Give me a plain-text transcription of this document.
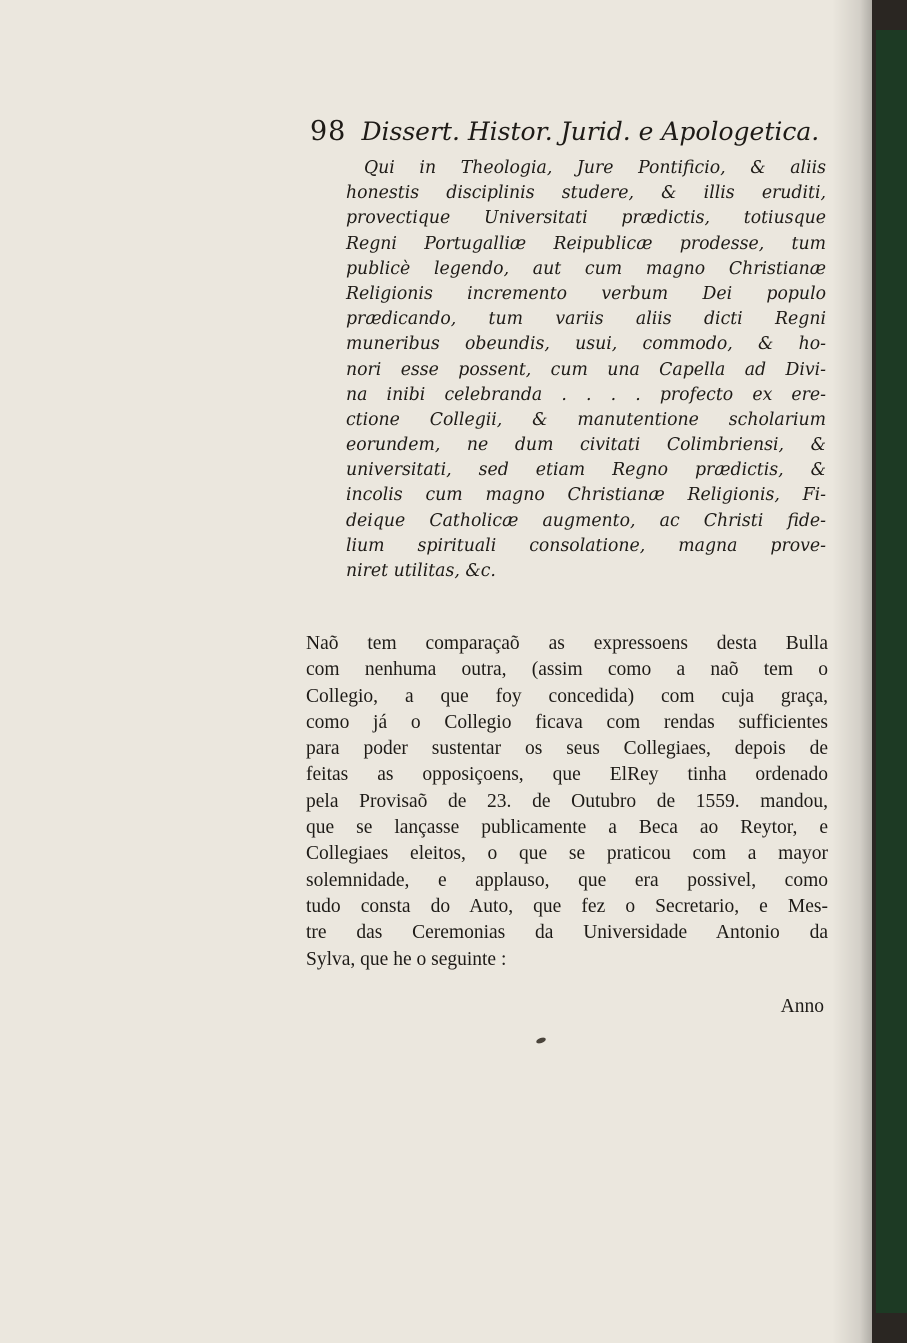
98 Dissert. Histor. Jurid. e Apologetica.
Qui in Theologia, Jure Pontificio, & aliis
honestis disciplinis studere, & illis eruditi,
provectique Universitati prædictis, totiusque
Regni Portugalliæ Reipublicæ prodesse, tum
publicè legendo, aut cum magno Christianæ
Religionis incremento verbum Dei populo
prædicando, tum variis aliis dicti Regni
muneribus obeundis, usui, commodo, & ho-
nori esse possent, cum una Capella ad Divi-
na inibi celebranda . . . . profecto ex ere-
ctione Collegii, & manutentione scholarium
eorundem, ne dum civitati Colimbriensi, &
universitati, sed etiam Regno prædictis, &
incolis cum magno Christianæ Religionis, Fi-
deique Catholicæ augmento, ac Christi fide-
lium spirituali consolatione, magna prove-
niret utilitas, &c.
Naõ tem comparaçaõ as expressoens desta Bulla
com nenhuma outra, (assim como a naõ tem o
Collegio, a que foy concedida) com cuja graça,
como já o Collegio ficava com rendas sufficientes
para poder sustentar os seus Collegiaes, depois de
feitas as opposiçoens, que ElRey tinha ordenado
pela Provisaõ de 23. de Outubro de 1559. mandou,
que se lançasse publicamente a Beca ao Reytor, e
Collegiaes eleitos, o que se praticou com a mayor
solemnidade, e applauso, que era possivel, como
tudo consta do Auto, que fez o Secretario, e Mes-
tre das Ceremonias da Universidade Antonio da
Sylva, que he o seguinte :
Anno
